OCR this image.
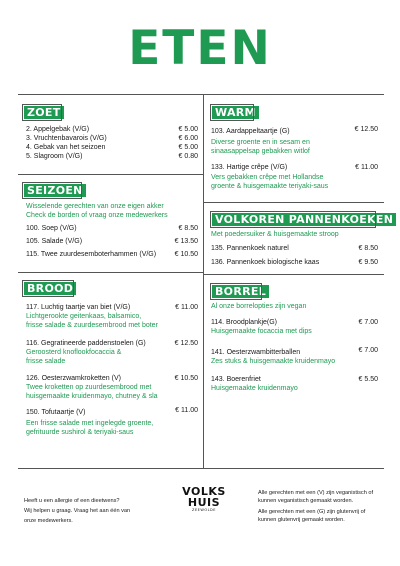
ETEN
ZOET
2. Appelgebak (V/G)	€ 5.00
3. Vruchtenbavarois (V/G)	€ 6.00
4. Gebak van het seizoen	€ 5.00
5. Slagroom (V/G)	€ 0.80
SEIZOEN
Wisselende gerechten van onze eigen akker
Check de borden of vraag onze medewerkers
100. Soep (V/G)	€ 8.50
105. Salade (V/G)	€ 13.50
115. Twee zuurdesemboterhammen (V/G)	€ 10.50
BROOD
117. Luchtig taartje van biet (V/G)	€ 11.00
Lichtgerookte geitenkaas, balsamico,
frisse salade & zuurdesembrood met boter
116. Gegratineerde paddenstoelen (G)	€ 12.50
Geroosterd knoflookfocaccia &
frisse salade
126. Oesterzwamkroketten (V)	€ 10.50
Twee kroketten op zuurdesembrood met
huisgemaakte kruidenmayo, chutney & sla
150. Tofutaartje (V)	€ 11.00
Een frisse salade met ingelegde groente,
gefrituurde sushirol & teriyaki-saus
WARM
103. Aardappeltaartje (G)	€ 12.50
Diverse groente en in sesam en
sinaasappelsap gebakken witlof
133. Hartige crêpe (V/G)	€ 11.00
Vers gebakken crêpe met Hollandse
groente & huisgemaakte teriyaki-saus
VOLKOREN PANNENKOEKEN
Met poedersuiker & huisgemaakte stroop
135. Pannenkoek naturel	€ 8.50
136. Pannenkoek biologische kaas	€ 9.50
BORREL
Al onze borrelopties zijn vegan
114. Broodplankje(G)	€ 7.00
Huisgemaakte focaccia met dips
141. Oesterzwambitterballen	€ 7.00
Zes stuks & huisgemaakte kruidenmayo
143. Boerenfriet	€ 5.50
Huisgemaakte kruidenmayo
Heeft u een allergie of een dieetwens?
Wij helpen u graag. Vraag het aan één van
onze medewerkers.
VOLKS
HUIS
ZEEWOLDE
Alle gerechten met een (V) zijn veganistisch of
kunnen veganistisch gemaakt worden.
Alle gerechten met een (G) zijn glutenvrij of
kunnen glutenvrij gemaakt worden.
